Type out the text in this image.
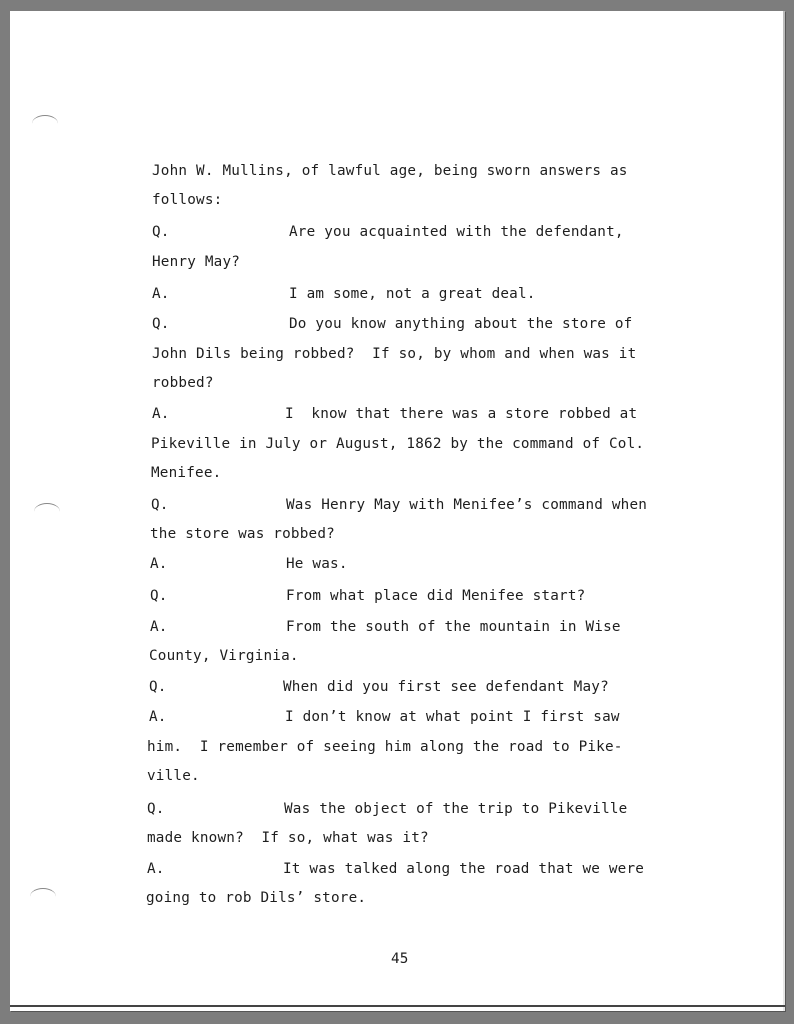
John W. Mullins, of lawful age, being sworn answers as
follows:
Q.	Are you acquainted with the defendant,
Henry May?
A.	I am some, not a great deal.
Q.	Do you know anything about the store of
John Dils being robbed?  If so, by whom and when was it
robbed?
A.	I  know that there was a store robbed at
Pikeville in July or August, 1862 by the command of Col.
Menifee.
Q.	Was Henry May with Menifee’s command when
the store was robbed?
A.	He was.
Q.	From what place did Menifee start?
A.	From the south of the mountain in Wise
County, Virginia.
Q.	When did you first see defendant May?
A.	I don’t know at what point I first saw
him.  I remember of seeing him along the road to Pike-
ville.
Q.	Was the object of the trip to Pikeville
made known?  If so, what was it?
A.	It was talked along the road that we were
going to rob Dils’ store.
45
